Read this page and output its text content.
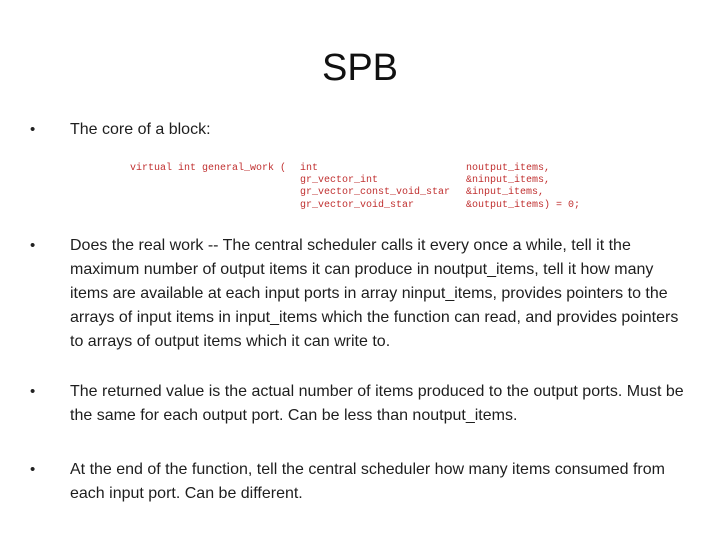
SPB
•	The core of a block:
virtual int general_work (	int	noutput_items,
gr_vector_int	&ninput_items,
gr_vector_const_void_star	&input_items,
gr_vector_void_star	&output_items) = 0;
•	Does the real work -- The central scheduler calls it every once a while, tell it the maximum number of output items it can produce in noutput_items, tell it how many items are available at each input ports in array ninput_items, provides pointers to the arrays of input items in input_items which the function can read, and provides pointers to arrays of output items which it can write to.
•	The returned value is the actual number of items produced to the output ports. Must be the same for each output port. Can be less than noutput_items.
•	At the end of the function, tell the central scheduler how many items consumed from each input port. Can be different.
